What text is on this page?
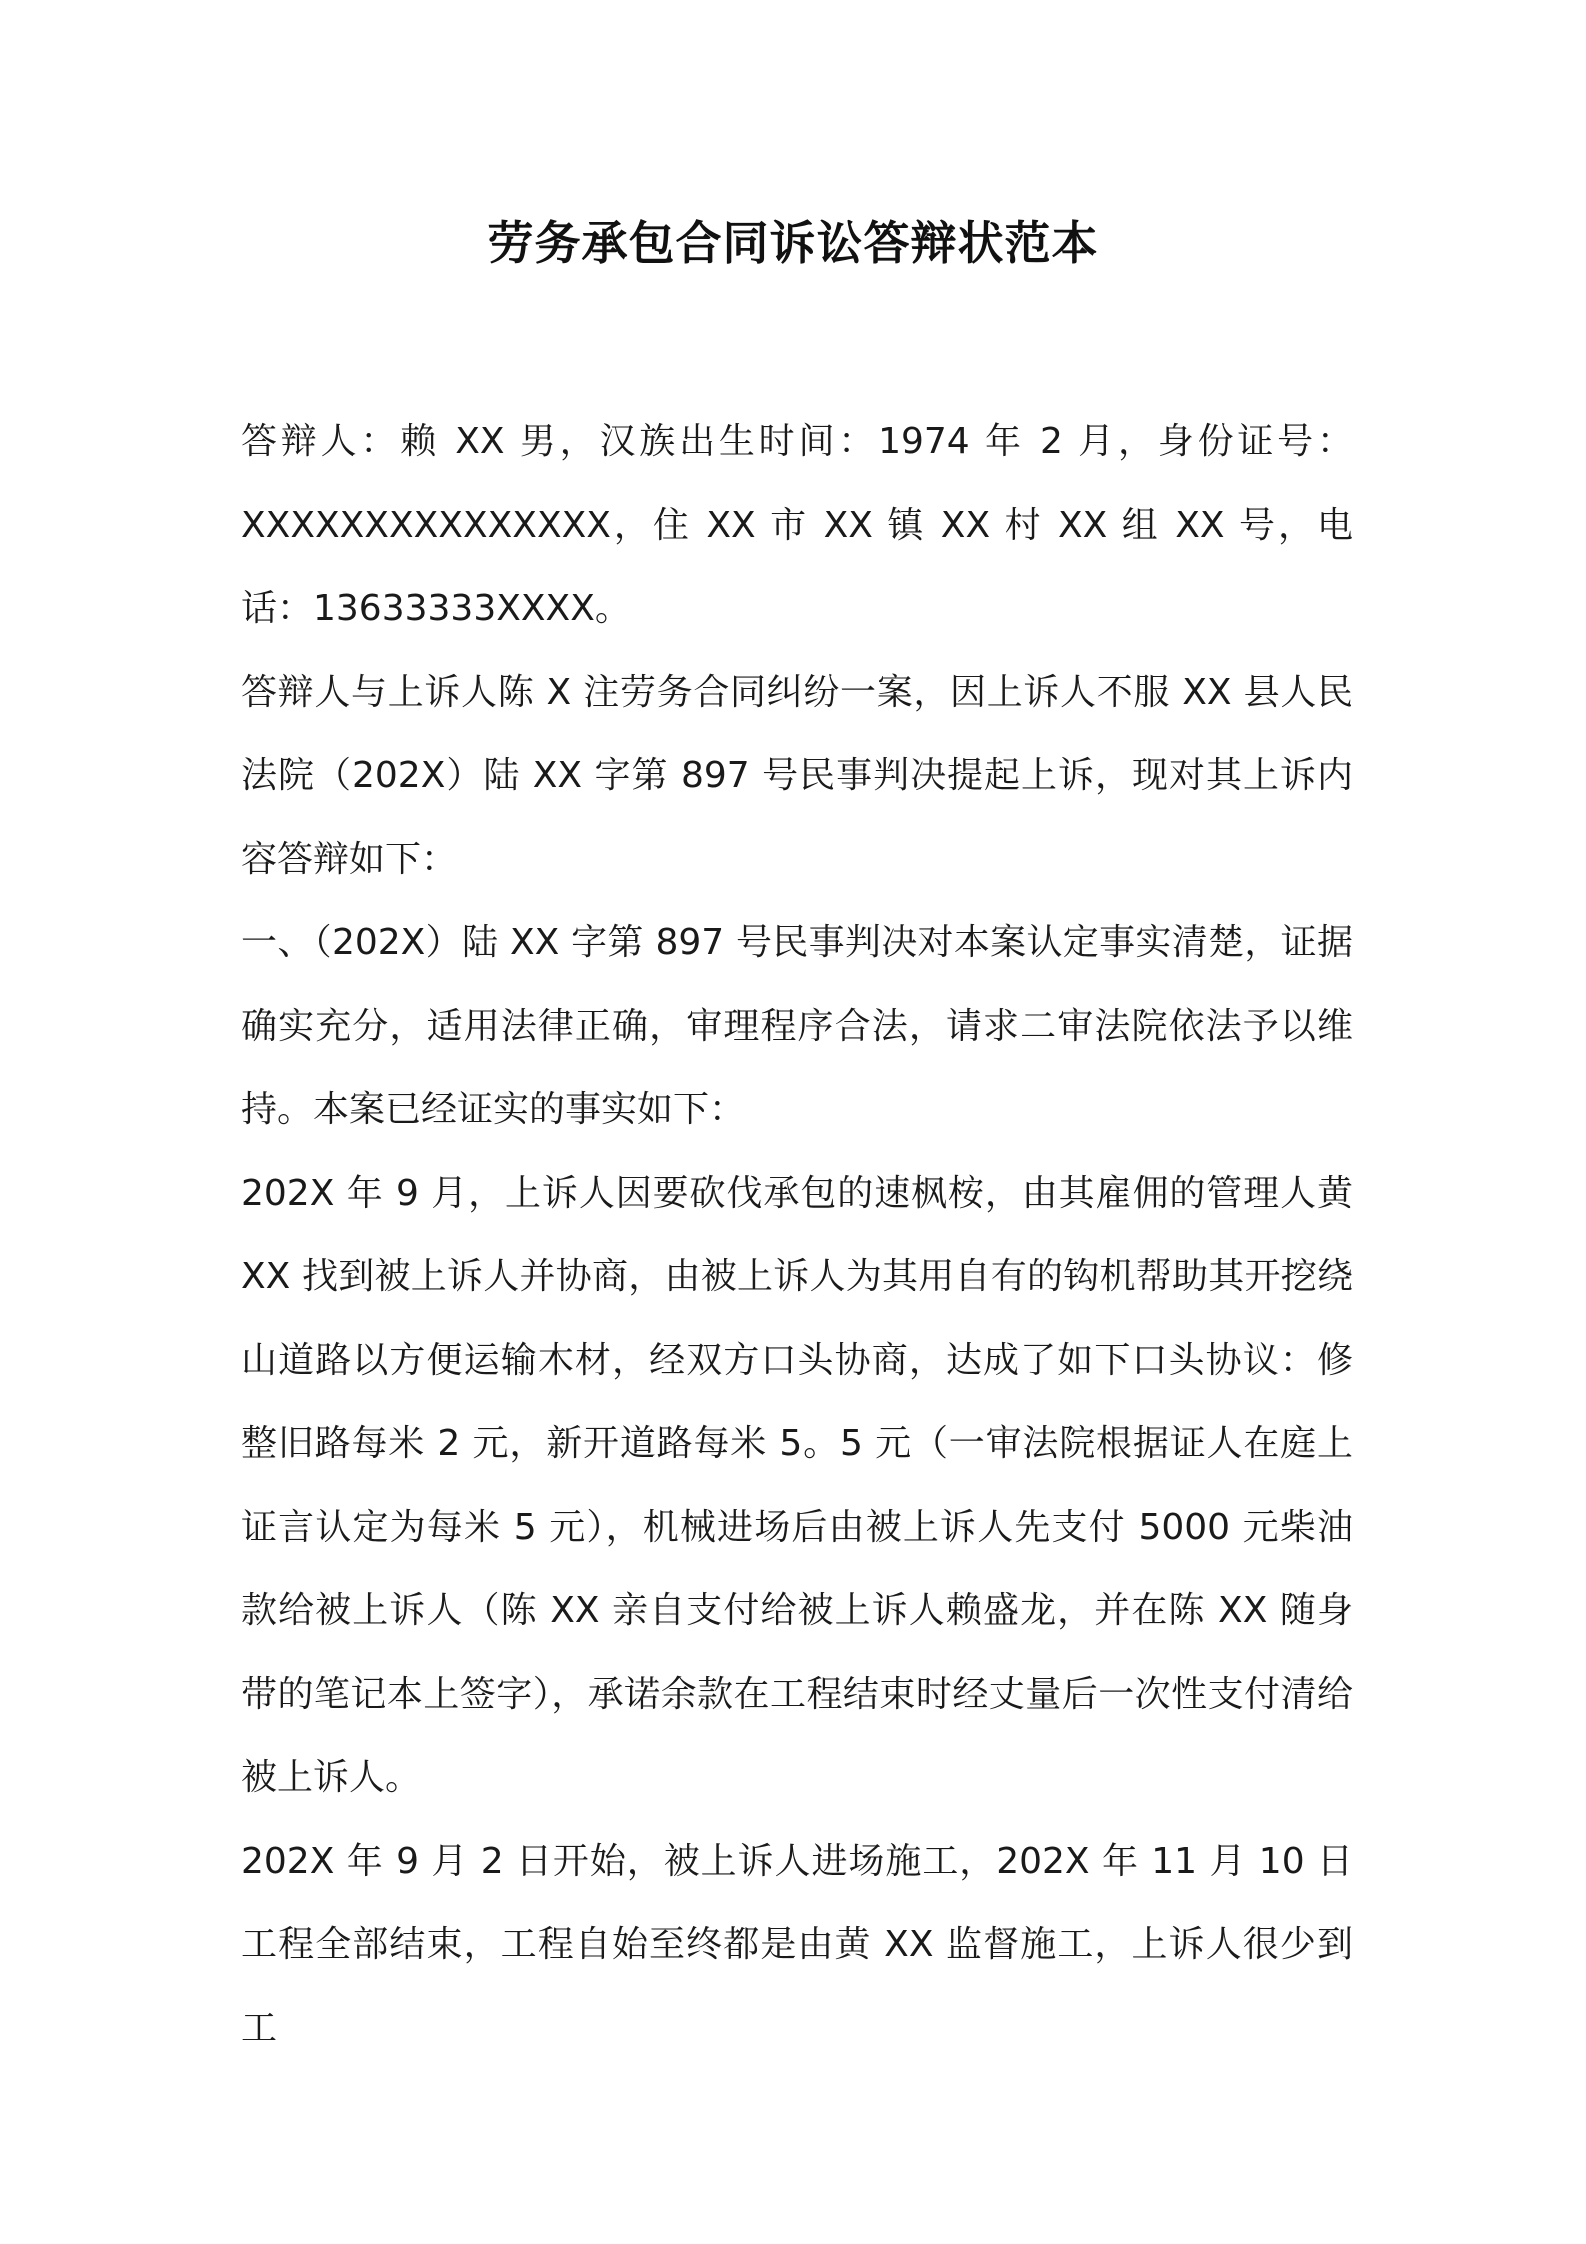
劳务承包合同诉讼答辩状范本

答辩人：赖 XX 男，汉族出生时间：1974 年 2 月，身份证号：XXXXXXXXXXXXXXX，住 XX 市 XX 镇 XX 村 XX 组 XX 号，电话：13633333XXXX。

答辩人与上诉人陈 X 注劳务合同纠纷一案，因上诉人不服 XX 县人民法院（202X）陆 XX 字第 897 号民事判决提起上诉，现对其上诉内容答辩如下：

一、（202X）陆 XX 字第 897 号民事判决对本案认定事实清楚，证据确实充分，适用法律正确，审理程序合法，请求二审法院依法予以维持。本案已经证实的事实如下：

202X 年 9 月，上诉人因要砍伐承包的速枫桉，由其雇佣的管理人黄 XX 找到被上诉人并协商，由被上诉人为其用自有的钩机帮助其开挖绕山道路以方便运输木材，经双方口头协商，达成了如下口头协议：修整旧路每米 2 元，新开道路每米 5。5 元（一审法院根据证人在庭上证言认定为每米 5 元），机械进场后由被上诉人先支付 5000 元柴油款给被上诉人（陈 XX 亲自支付给被上诉人赖盛龙，并在陈 XX 随身带的笔记本上签字），承诺余款在工程结束时经丈量后一次性支付清给被上诉人。

202X 年 9 月 2 日开始，被上诉人进场施工，202X 年 11 月 10 日工程全部结束，工程自始至终都是由黄 XX 监督施工，上诉人很少到工
